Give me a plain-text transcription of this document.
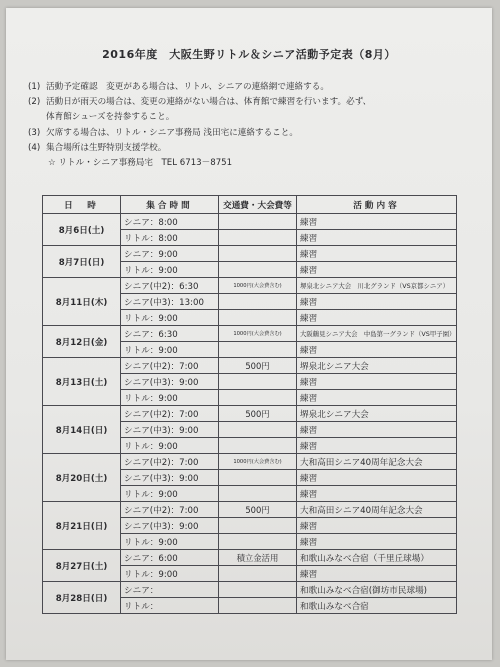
2016年度　大阪生野リトル＆シニア活動予定表（8月）
(1) 活動予定確認　変更がある場合は、リトル、シニアの連絡網で連絡する。
(2) 活動日が雨天の場合は、変更の連絡がない場合は、体育館で練習を行います。必ず、
体育館シューズを持参すること。
(3) 欠席する場合は、リトル・シニア事務局 浅田宅に連絡すること。
(4) 集合場所は生野特別支援学校。
☆ リトル・シニア事務局宅　TEL 6713－8751
日　時	集合時間	交通費・大会費等	活動内容
8月6日(土)	シニア：8:00		練習
	リトル：8:00		練習
8月7日(日)	シニア：9:00		練習
	リトル：9:00		練習
8月11日(木)	シニア(中2)：6:30	1000円(大会費含む)	堺泉北シニア大会　川北グランド（VS京都シニア）
	シニア(中3)：13:00		練習
	リトル：9:00		練習
8月12日(金)	シニア：6:30	1000円(大会費含む)	大阪鶴見シニア大会　中島第一グランド（VS甲子園）
	リトル：9:00		練習
8月13日(土)	シニア(中2)：7:00	500円	堺泉北シニア大会
	シニア(中3)：9:00		練習
	リトル：9:00		練習
8月14日(日)	シニア(中2)：7:00	500円	堺泉北シニア大会
	シニア(中3)：9:00		練習
	リトル：9:00		練習
8月20日(土)	シニア(中2)：7:00	1000円(大会費含む)	大和高田シニア40周年記念大会
	シニア(中3)：9:00		練習
	リトル：9:00		練習
8月21日(日)	シニア(中2)：7:00	500円	大和高田シニア40周年記念大会
	シニア(中3)：9:00		練習
	リトル：9:00		練習
8月27日(土)	シニア：6:00	積立金活用	和歌山みなべ合宿（千里丘球場）
	リトル：9:00		練習
8月28日(日)	シニア：		和歌山みなべ合宿(御坊市民球場)
	リトル：		和歌山みなべ合宿
